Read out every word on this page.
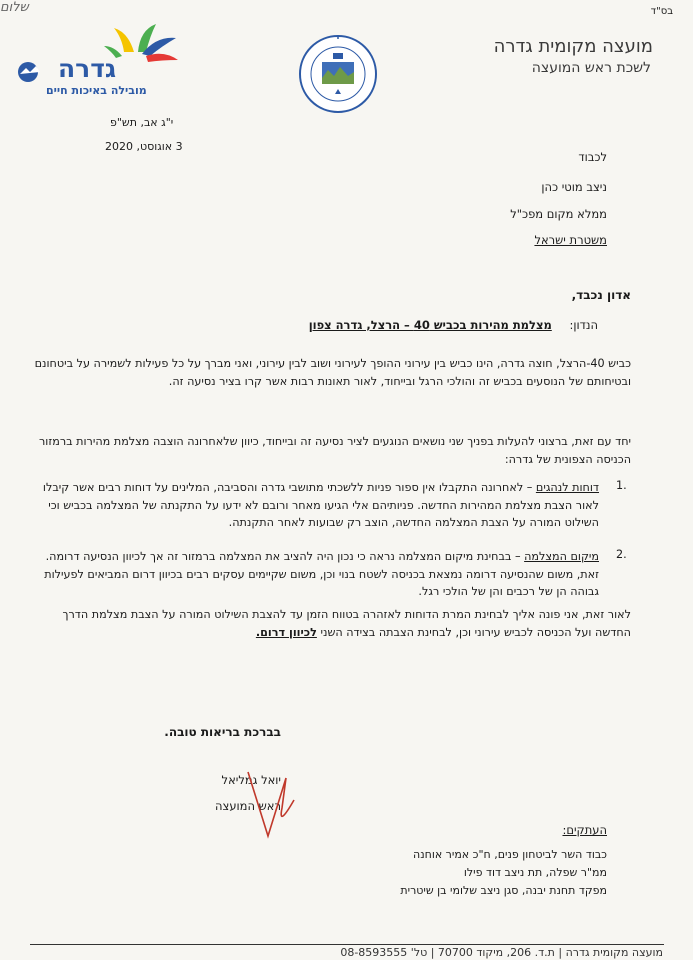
שלום	בס"ד
מועצה מקומית גדרה
לשכת ראש המועצה
גדרה
מובילה באיכות חיים
י"ג אב, תש"פ
3 אוגוסט, 2020
לכבוד
ניצב מוטי כהן
ממלא מקום מפכ"ל
משטרת ישראל
אדון נכבד,
הנדון: מצלמת מהירות בכביש 40 – הרצל, גדרה צפון
כביש 40-הרצל, חוצה גדרה, הינו כביש בין עירוני ההופך לעירוני ושוב לבין עירוני, ואני מברך על כל פעילות לשמירה על ביטחונם ובטיחותם של הנוסעים בכביש זה והולכי הרגל ובייחוד, לאור תאונות רבות אשר קרו בציר נסיעה זה.
יחד עם זאת, ברצוני להעלות בפניך שני נושאים הנוגעים לציר נסיעה זה ובייחוד, כיוון שלאחרונה הוצבה מצלמת מהירות ברמזור הכניסה הצפונית של גדרה:
1.
דוחות לנהגים – לאחרונה התקבלו אין ספור פניות ללשכתי מתושבי גדרה והסביבה, המלינים על דוחות רבים אשר קיבלו לאור הצבת מצלמת המהירות החדשה. פניותיהם אלי הגיעו מאחר ורובם לא ידעו על התקנתה של המצלמה בכביש וכי השילוט המורה על הצבת המצלמה החדשה, הוצב רק שבועות לאחר התקנתה.
2.
מיקום המצלמה – בבחינת מיקום המצלמה נראה כי נכון היה להציב את המצלמה ברמזור זה אך לכיוון הנסיעה דרומה. זאת, משום שהנסיעה דרומה נמצאת בכניסה לשטח בנוי וכן, משום שקיימים עסקים רבים בכיוון דרום המביאים לפעילות גבוהה הן של רכבים והן של הולכי רגל.
לאור זאת, אני פונה אליך לבחינת המרת הדוחות לאזהרה בטווח הזמן עד להצבת השילוט המורה על הצבת מצלמת הדרך החדשה ועל הכניסה לכביש עירוני וכן, לבחינת הצבתה בצידה השני לכיוון דרום.
בברכת בריאות טובה.
יואל גמליאל
ראש המועצה
העתקים:
כבוד השר לביטחון פנים, ח"כ אמיר אוחנה
ממ"ר שפלה, תת ניצב דוד פילו
מפקד תחנת יבנה, סגן ניצב שלומי בן שיטרית
מועצה מקומית גדרה | ת.ד. 206, מיקוד 70700 | טל' 08-8593555
